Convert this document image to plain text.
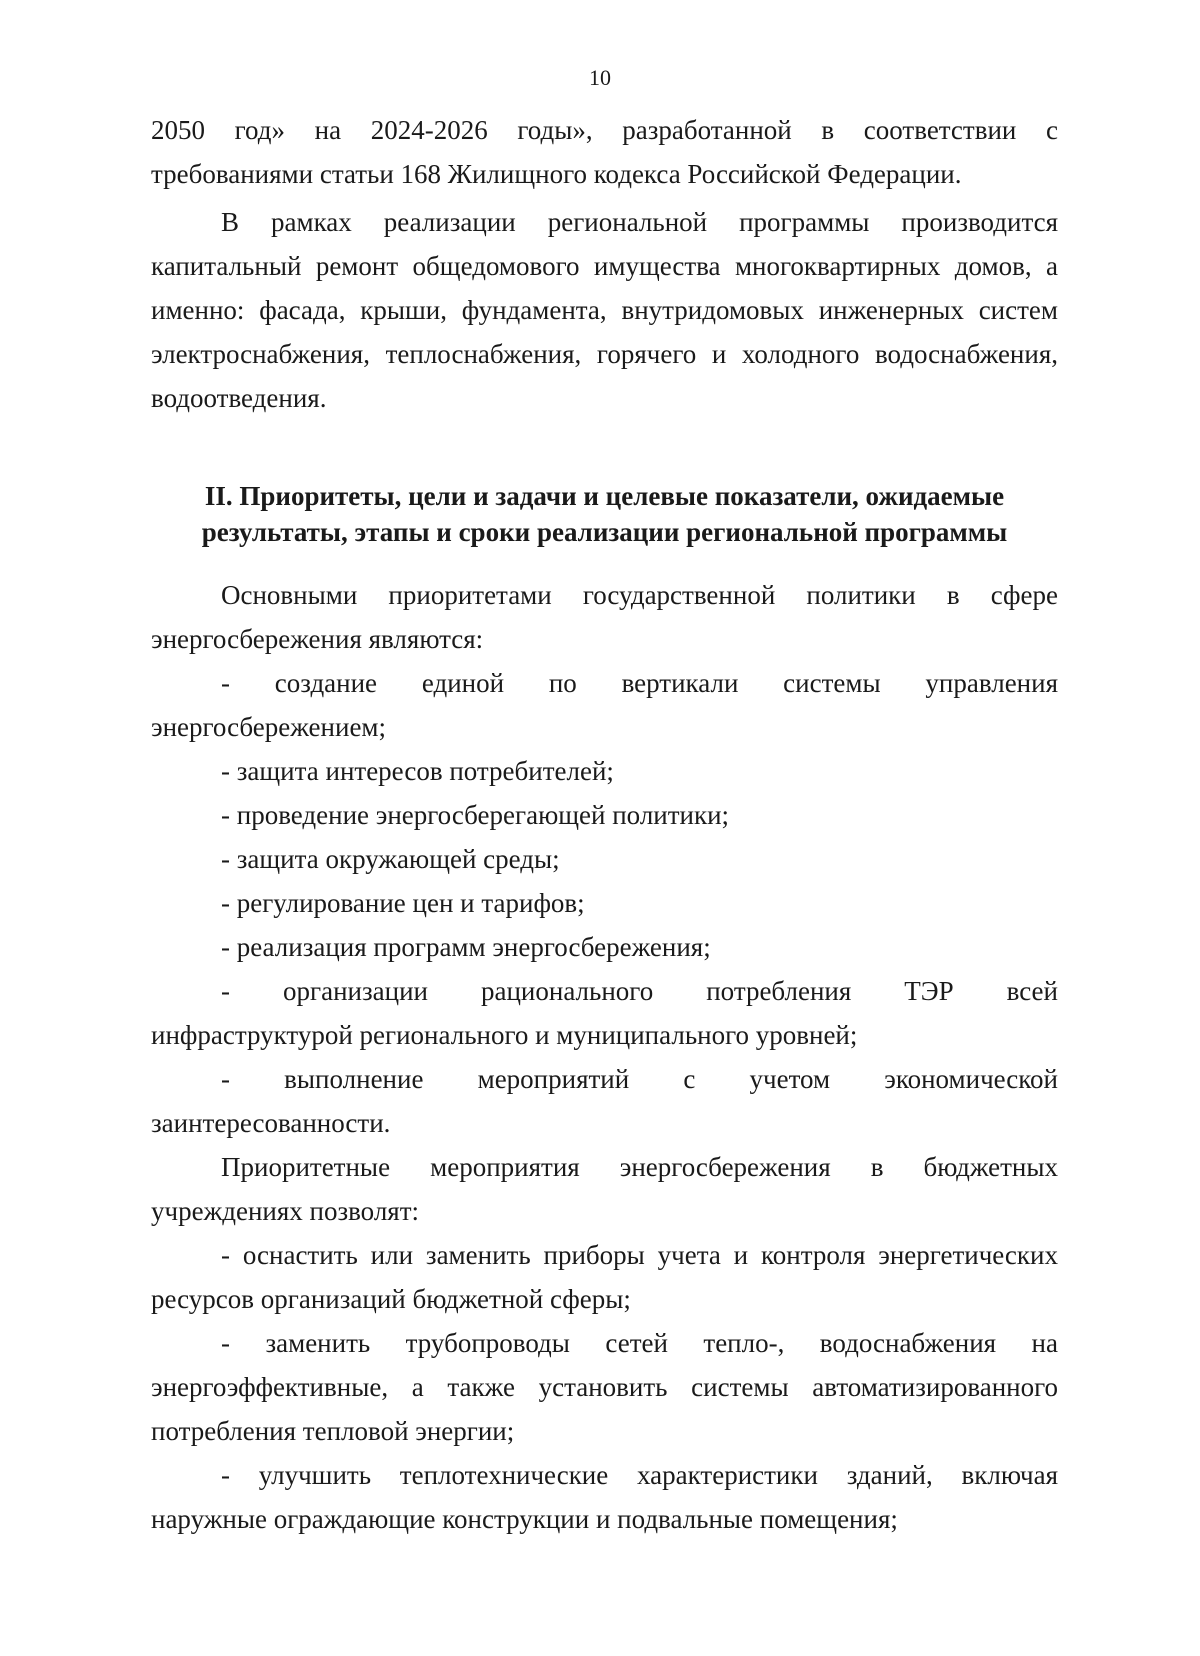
10

2050 год» на 2024-2026 годы», разработанной в соответствии с

требованиями статьи 168 Жилищного кодекса Российской Федерации.

В рамках реализации региональной программы производится

капитальный ремонт общедомового имущества многоквартирных домов, а

именно: фасада, крыши, фундамента, внутридомовых инженерных систем

электроснабжения, теплоснабжения, горячего и холодного водоснабжения,

водоотведения.

II. Приоритеты, цели и задачи и целевые показатели, ожидаемые

результаты, этапы и сроки реализации региональной программы

Основными приоритетами государственной политики в сфере

энергосбережения являются:

- создание единой по вертикали системы управления

энергосбережением;

- защита интересов потребителей;

- проведение энергосберегающей политики;

- защита окружающей среды;

- регулирование цен и тарифов;

- реализация программ энергосбережения;

- организации рационального потребления ТЭР всей

инфраструктурой регионального и муниципального уровней;

- выполнение мероприятий с учетом экономической

заинтересованности.

Приоритетные мероприятия энергосбережения в бюджетных

учреждениях позволят:

- оснастить или заменить приборы учета и контроля энергетических

ресурсов организаций бюджетной сферы;

- заменить трубопроводы сетей тепло-, водоснабжения на

энергоэффективные, а также установить системы автоматизированного

потребления тепловой энергии;

- улучшить теплотехнические характеристики зданий, включая

наружные ограждающие конструкции и подвальные помещения;
